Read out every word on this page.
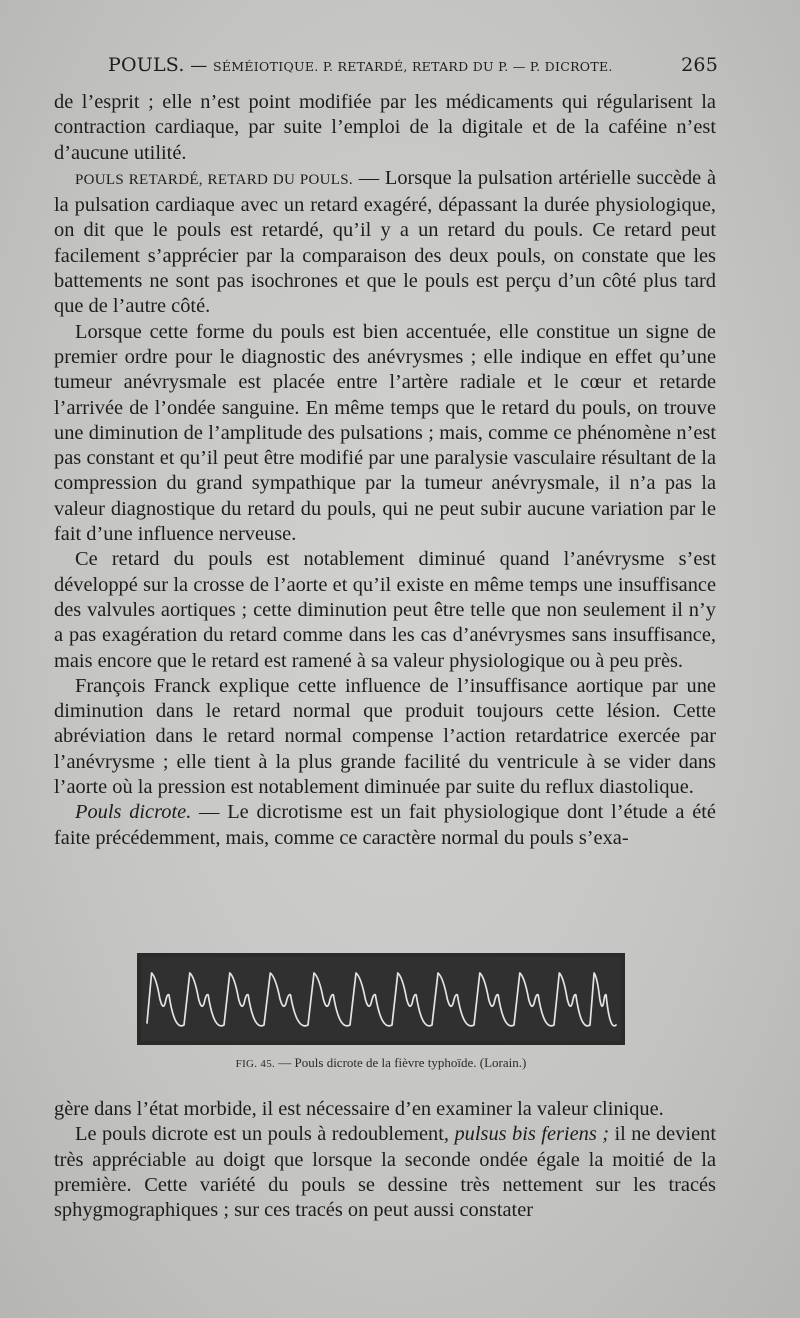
POULS. — SÉMÉIOTIQUE. P. RETARDÉ, RETARD DU P. — P. DICROTE.	265

de l’esprit ; elle n’est point modifiée par les médicaments qui régularisent la contraction cardiaque, par suite l’emploi de la digitale et de la caféine n’est d’aucune utilité.

POULS RETARDÉ, RETARD DU POULS. — Lorsque la pulsation artérielle succède à la pulsation cardiaque avec un retard exagéré, dépassant la durée physiologique, on dit que le pouls est retardé, qu’il y a un retard du pouls. Ce retard peut facilement s’apprécier par la comparaison des deux pouls, on constate que les battements ne sont pas isochrones et que le pouls est perçu d’un côté plus tard que de l’autre côté.

Lorsque cette forme du pouls est bien accentuée, elle constitue un signe de premier ordre pour le diagnostic des anévrysmes ; elle indique en effet qu’une tumeur anévrysmale est placée entre l’artère radiale et le cœur et retarde l’arrivée de l’ondée sanguine. En même temps que le retard du pouls, on trouve une diminution de l’amplitude des pulsations ; mais, comme ce phénomène n’est pas constant et qu’il peut être modifié par une paralysie vasculaire résultant de la compression du grand sympathique par la tumeur anévrysmale, il n’a pas la valeur diagnostique du retard du pouls, qui ne peut subir aucune variation par le fait d’une influence nerveuse.

Ce retard du pouls est notablement diminué quand l’anévrysme s’est développé sur la crosse de l’aorte et qu’il existe en même temps une insuffisance des valvules aortiques ; cette diminution peut être telle que non seulement il n’y a pas exagération du retard comme dans les cas d’anévrysmes sans insuffisance, mais encore que le retard est ramené à sa valeur physiologique ou à peu près.

François Franck explique cette influence de l’insuffisance aortique par une diminution dans le retard normal que produit toujours cette lésion. Cette abréviation dans le retard normal compense l’action retardatrice exercée par l’anévrysme ; elle tient à la plus grande facilité du ventricule à se vider dans l’aorte où la pression est notablement diminuée par suite du reflux diastolique.

Pouls dicrote. — Le dicrotisme est un fait physiologique dont l’étude a été faite précédemment, mais, comme ce caractère normal du pouls s’exa-

FIG. 45. — Pouls dicrote de la fièvre typhoïde. (Lorain.)

gère dans l’état morbide, il est nécessaire d’en examiner la valeur clinique.

Le pouls dicrote est un pouls à redoublement, pulsus bis feriens ; il ne devient très appréciable au doigt que lorsque la seconde ondée égale la moitié de la première. Cette variété du pouls se dessine très nettement sur les tracés sphygmographiques ; sur ces tracés on peut aussi constater
